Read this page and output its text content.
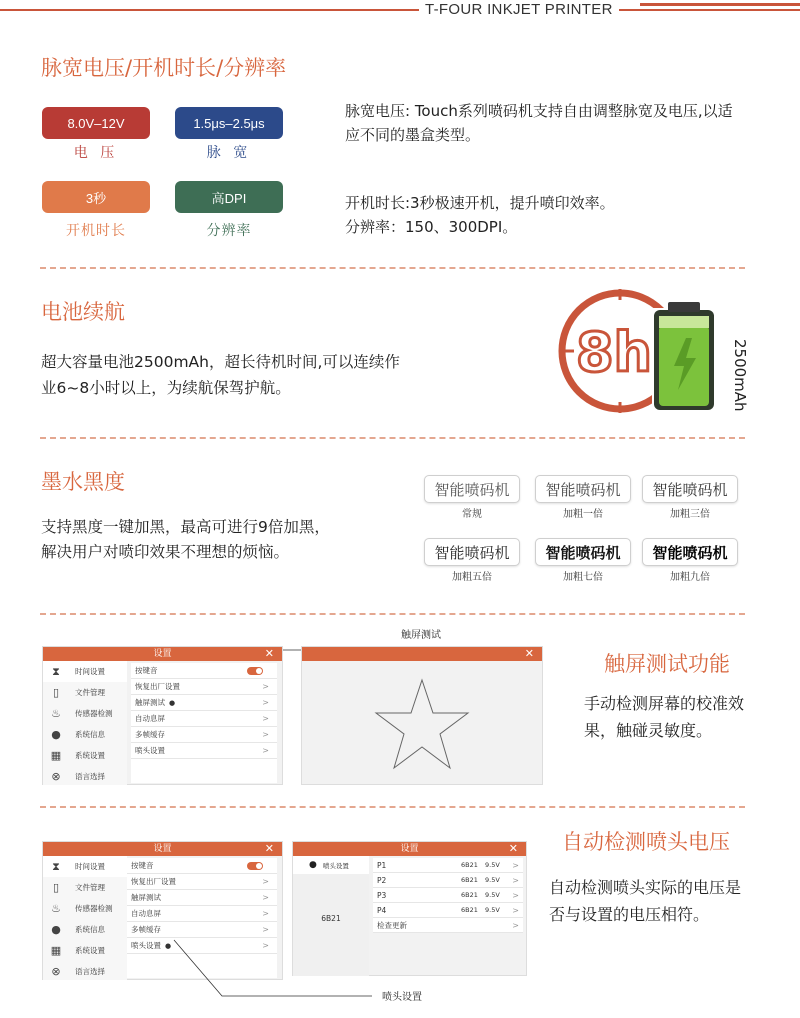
T-FOUR INKJET PRINTER
脉宽电压/开机时长/分辨率
8.0V–12V
电 压
1.5μs–2.5μs
脉 宽
3秒
开机时长
高DPI
分辨率
脉宽电压: Touch系列喷码机支持自由调整脉宽及电压,以适应不同的墨盒类型。
开机时长:3秒极速开机，提升喷印效率。
分辨率：150、300DPI。
电池续航
超大容量电池2500mAh，超长待机时间,可以连续作业6~8小时以上，为续航保驾护航。
8h	2500mAh
墨水黑度
支持黑度一键加黑，最高可进行9倍加黑，解决用户对喷印效果不理想的烦恼。
智能喷码机
常规
智能喷码机
加粗一倍
智能喷码机
加粗三倍
智能喷码机
加粗五倍
智能喷码机
加粗七倍
智能喷码机
加粗九倍
触屏测试
设置	✕
⧗	时间设置
▯	文件管理
♨ 传感器检测
● 系统信息
▦ 系统设置
⊗	语言选择
按键音
恢复出厂设置	>
触屏测试 ●	>
自动息屏	>
多帧缓存	>
喷头设置	>
✕	触屏测试功能
手动检测屏幕的校准效果，触碰灵敏度。
自动检测喷头电压
自动检测喷头实际的电压是否与设置的电压相符。
设置	✕
⧗	时间设置
▯	文件管理
♨ 传感器检测
● 系统信息
▦ 系统设置
⊗	语言选择
按键音
恢复出厂设置	>
触屏测试	>
自动息屏	>
多帧缓存	>
喷头设置 ●	>
设置	✕
● 喷头设置
6B21
P1	6B21 9.5V >
P2	6B21 9.5V >
P3	6B21 9.5V >
P4	6B21 9.5V >
检查更新	>
喷头设置
